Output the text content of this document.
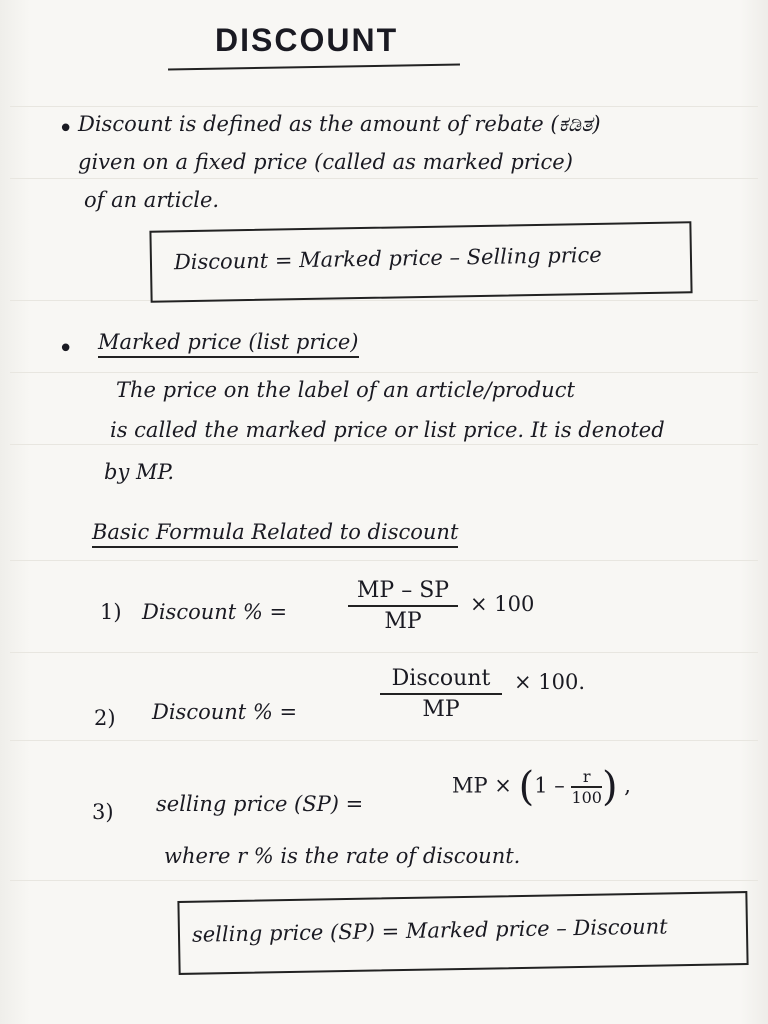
DISCOUNT
• Discount is defined as the amount of rebate (ಕಡಿತ)
given on a fixed price (called as marked price)
of an article.
Discount = Marked price – Selling price
• Marked price (list price)
The price on the label of an article/product
is called the marked price or list price. It is denoted
by MP.
Basic Formula Related to discount
1) Discount % =
MP – SP
MP
× 100
2) Discount % =
Discount
MP
× 100.
3) selling price (SP) =
MP × $(1 - \frac{r}{100})$ ,
where r % is the rate of discount.
selling price (SP) = Marked price – Discount
